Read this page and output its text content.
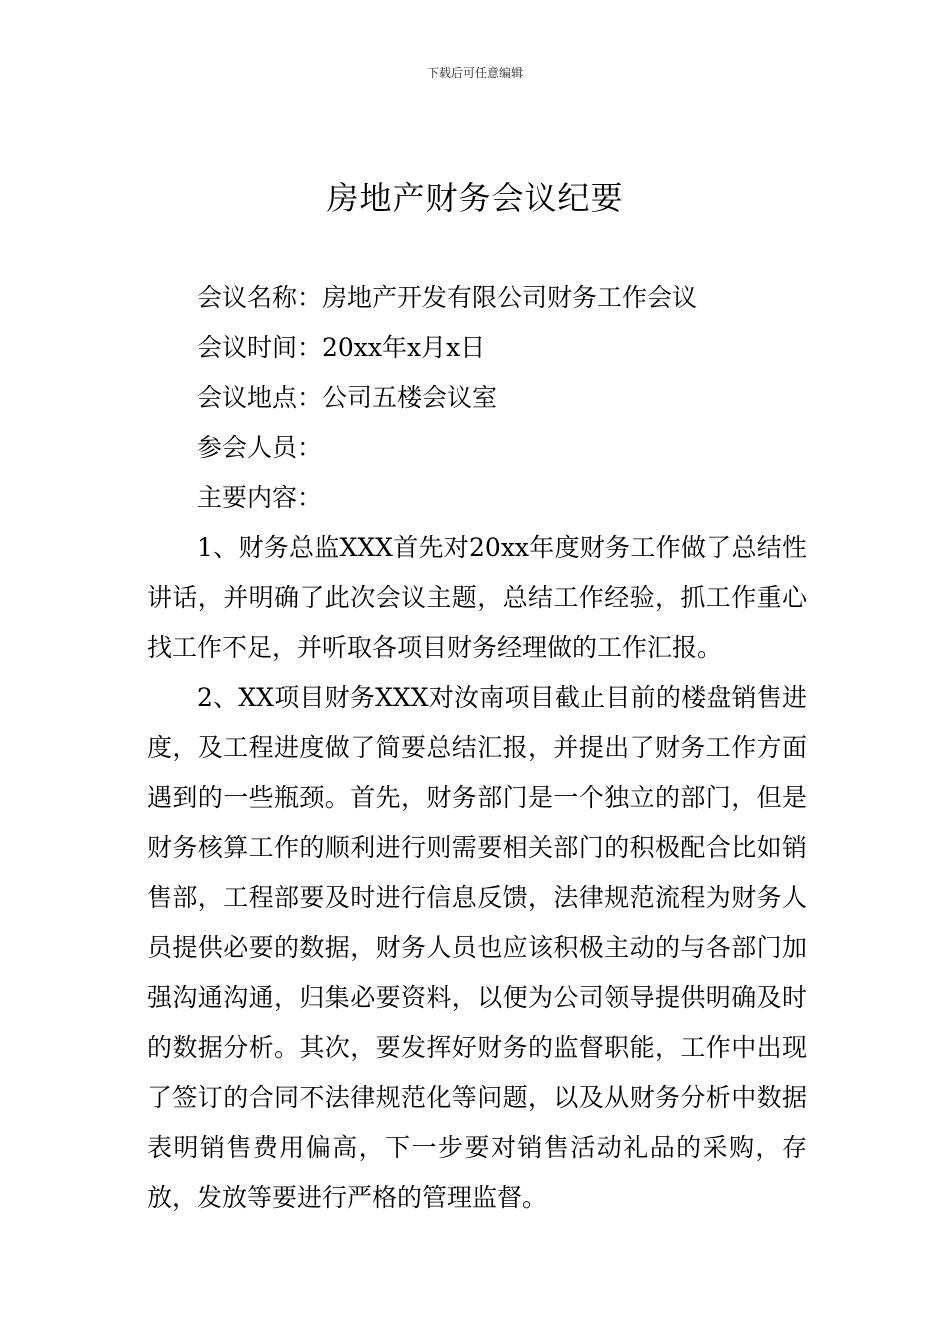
下载后可任意编辑
房地产财务会议纪要

会议名称：房地产开发有限公司财务工作会议

会议时间：20xx年x月x日

会议地点：公司五楼会议室

参会人员：

主要内容：

1、财务总监XXX首先对20xx年度财务工作做了总结性讲话，并明确了此次会议主题，总结工作经验，抓工作重心找工作不足，并听取各项目财务经理做的工作汇报。

2、XX项目财务XXX对汝南项目截止目前的楼盘销售进度，及工程进度做了简要总结汇报，并提出了财务工作方面遇到的一些瓶颈。首先，财务部门是一个独立的部门，但是财务核算工作的顺利进行则需要相关部门的积极配合比如销售部，工程部要及时进行信息反馈，法律规范流程为财务人员提供必要的数据，财务人员也应该积极主动的与各部门加强沟通沟通，归集必要资料，以便为公司领导提供明确及时的数据分析。其次，要发挥好财务的监督职能，工作中出现了签订的合同不法律规范化等问题，以及从财务分析中数据表明销售费用偏高，下一步要对销售活动礼品的采购，存放，发放等要进行严格的管理监督。
